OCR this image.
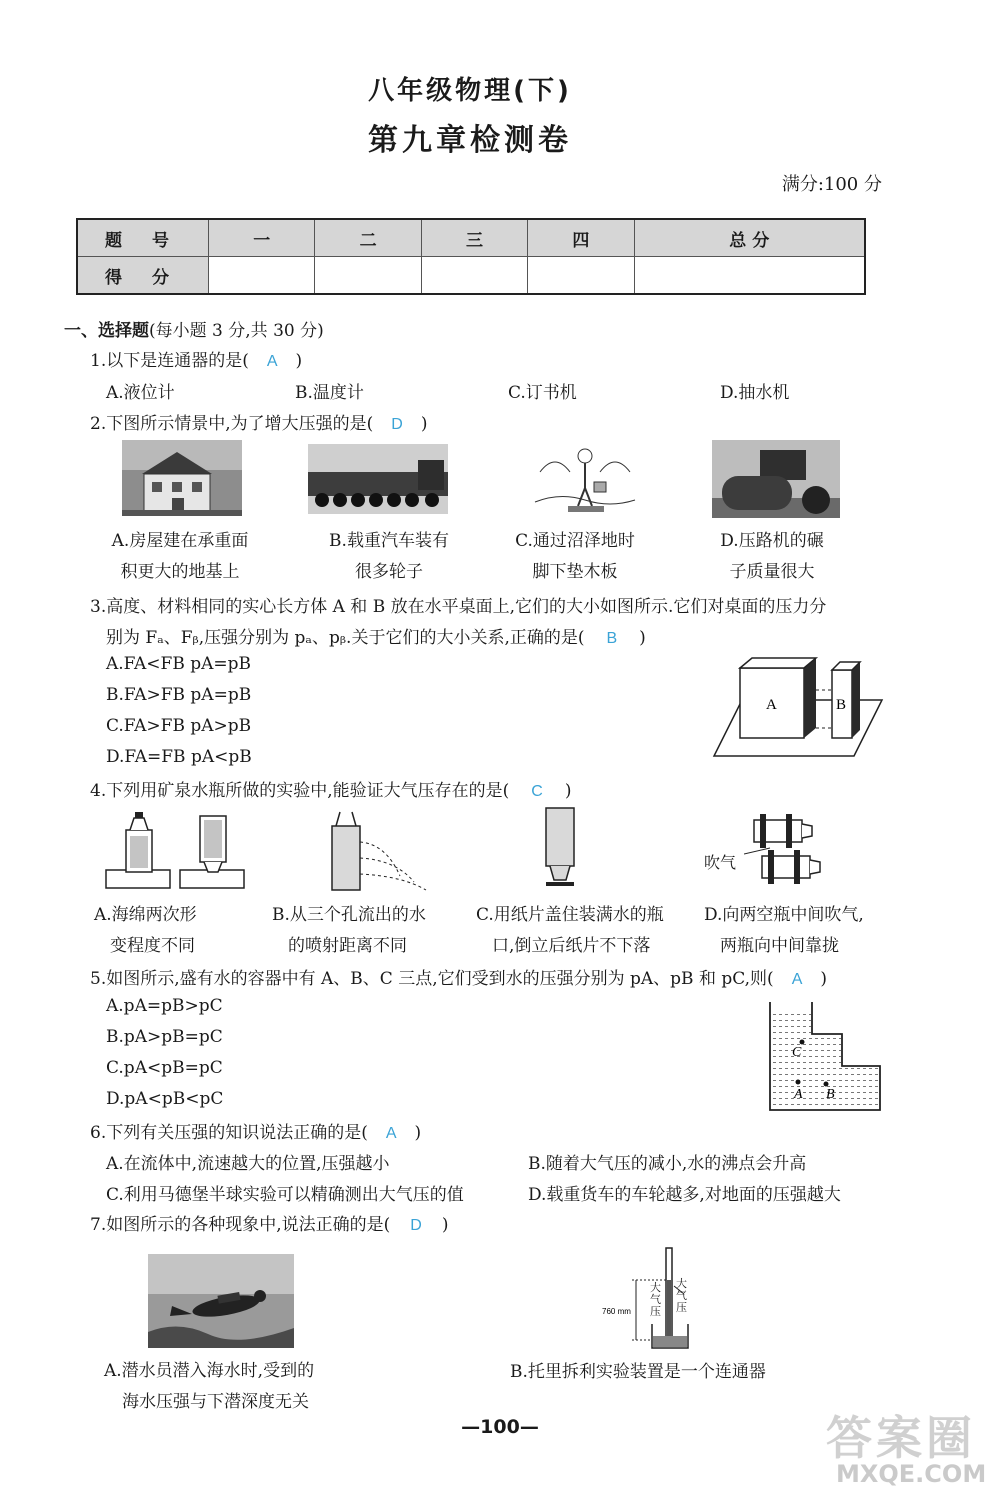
八年级物理(下)
第九章检测卷
满分:100 分
题 号	一	二	三	四	总 分
得 分					
一、选择题(每小题 3 分,共 30 分)
1.以下是连通器的是( A )
A.液位计	B.温度计	C.订书机	D.抽水机
2.下图所示情景中,为了增大压强的是( D )
A.房屋建在承重面
积更大的地基上
B.载重汽车装有
很多轮子
C.通过沼泽地时
脚下垫木板
D.压路机的碾
子质量很大
3.高度、材料相同的实心长方体 A 和 B 放在水平桌面上,它们的大小如图所示.它们对桌面的压力分
别为 Fₐ、Fᵦ,压强分别为 pₐ、pᵦ.关于它们的大小关系,正确的是( B )
A.FA<FB pA=pB
B.FA>FB pA=pB
C.FA>FB pA>pB
D.FA=FB pA<pB
A	B
4.下列用矿泉水瓶所做的实验中,能验证大气压存在的是( C )
吹气
A.海绵两次形
变程度不同
B.从三个孔流出的水
的喷射距离不同
C.用纸片盖住装满水的瓶
口,倒立后纸片不下落
D.向两空瓶中间吹气,
两瓶向中间靠拢
5.如图所示,盛有水的容器中有 A、B、C 三点,它们受到水的压强分别为 pA、pB 和 pC,则( A )
A.pA=pB>pC
B.pA>pB=pC
C.pA<pB=pC
D.pA<pB<pC
C
A B
6.下列有关压强的知识说法正确的是( A )
A.在流体中,流速越大的位置,压强越小	B.随着大气压的减小,水的沸点会升高
C.利用马德堡半球实验可以精确测出大气压的值	D.载重货车的车轮越多,对地面的压强越大
7.如图所示的各种现象中,说法正确的是( D )
A.潜水员潜入海水时,受到的
海水压强与下潜深度无关
760 mm
大气压
大气压
B.托里拆利实验装置是一个连通器
—100—	答案圈
MXQE.COM
